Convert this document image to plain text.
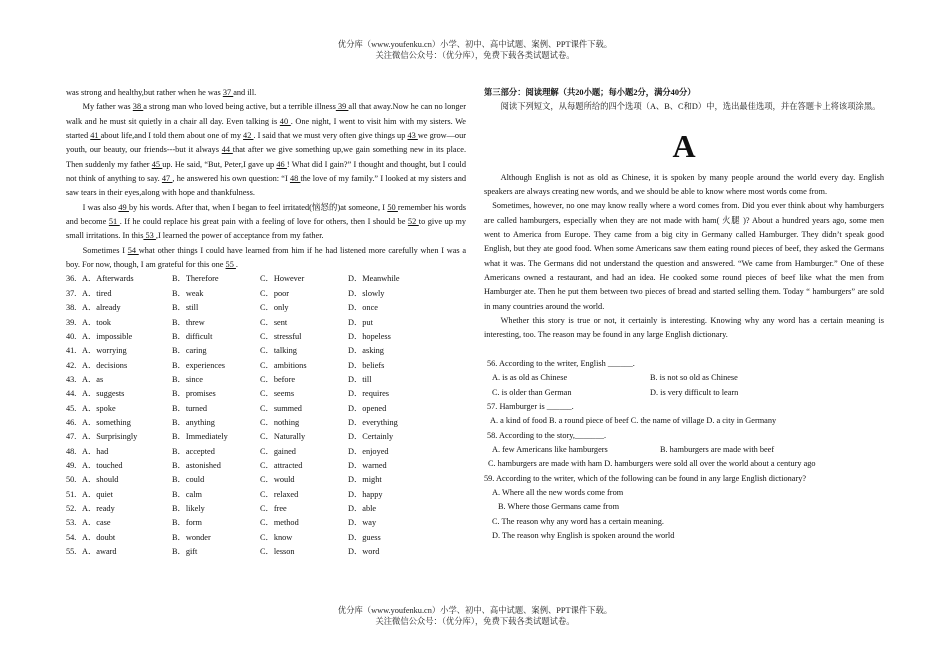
优分库（www.youfenku.cn）小学、初中、高中试题、案例、PPT课件下载。
关注微信公众号：（优分库），免费下载各类试题试卷。

was strong and healthy,but rather when he was 37 and ill.

My father was 38 a strong man who loved being active, but a terrible illness 39 all that away.Now he can no longer walk and he must sit quietly in a chair all day. Even talking is 40 . One night, I went to visit him with my sisters. We started 41 about life,and I told them about one of my 42 . I said that we must very often give things up 43 we grow—our youth, our beauty, our friends---but it always 44 that after we give something up,we gain something new in its place. Then suddenly my father 45 up. He said, “But, Peter,I gave up 46 ! What did I gain?” I thought and thought, but I could not think of anything to say. 47 , he answered his own question: “I 48 the love of my family.” I looked at my sisters and saw tears in their eyes,along with hope and thankfulness.

I was also 49 by his words. After that, when I began to feel irritated(恼怒的)at someone, I 50 remember his words and become 51 . If he could replace his great pain with a feeling of love for others, then I should be 52 to give up my small irritations. In this 53 ,I learned the power of acceptance from my father.

Sometimes I 54 what other things I could have learned from him if he had listened more carefully when I was a boy. For now, though, I am grateful for this one 55 .

36. A．Afterwards	B．Therefore	C．However	D．Meanwhile
37. A．tired	B．weak	C．poor	D．slowly
38. A．already	B．still	C．only	D．once
39. A．took	B．threw	C．sent	D．put
40. A．impossible	B．difficult	C．stressful	D．hopeless
41. A．worrying	B．caring	C．talking	D．asking
42. A．decisions	B．experiences	C．ambitions	D．beliefs
43. A．as	B．since	C．before	D．till
44. A．suggests	B．promises	C．seems	D．requires
45. A．spoke	B．turned	C．summed	D．opened
46. A．something	B．anything	C．nothing	D．everything
47. A．Surprisingly	B．Immediately	C．Naturally	D．Certainly
48. A．had	B．accepted	C．gained	D．enjoyed
49. A．touched	B．astonished	C．attracted	D．warned
50. A．should	B．could	C．would	D．might
51. A．quiet	B．calm	C．relaxed	D．happy
52. A．ready	B．likely	C．free	D．able
53. A．case	B．form	C．method	D．way
54. A．doubt	B．wonder	C．know	D．guess
55. A．award	B．gift	C．lesson	D．word

第三部分：阅读理解（共20小题；每小题2分，满分40分）

阅读下列短文，从每题所给的四个选项（A、B、C和D）中，选出最佳选项，并在答题卡上将该项涂黑。

A

Although English is not as old as Chinese, it is spoken by many people around the world every day. English speakers are always creating new words, and we should be able to know where most words come from.

Sometimes, however, no one may know really where a word comes from. Did you ever think about why hamburgers are called hamburgers, especially when they are not made with ham( 火腿 )? About a hundred years ago, some men went to America from Europe. They came from a big city in Germany called Hamburger. They didn’t speak good English, but they ate good food. When some Americans saw them eating round pieces of beef, they asked the Germans what it was. The Germans did not understand the question and answered. “We came from Hamburger.” One of these Americans owned a restaurant, and had an idea. He cooked some round pieces of beef like what the men from Hamburger ate. Then he put them between two pieces of bread and started selling them. Today “ hamburgers” are sold in many countries around the world.

Whether this story is true or not, it certainly is interesting. Knowing why any word has a certain meaning is interesting, too. The reason may be found in any large English dictionary.

56. According to the writer, English ______.
A. is as old as Chinese	B. is not so old as Chinese
C. is older than German	D. is very difficult to learn
57. Hamburger is ______.
A. a kind of food B. a round piece of beef C. the name of village D. a city in Germany
58. According to the story,_______.
A. few Americans like hamburgers	B. hamburgers are made with beef
C. hamburgers are made with ham D. hamburgers were sold all over the world about a century ago
59. According to the writer, which of the following can be found in any large English dictionary?
A. Where all the new words come from
B. Where those Germans came from
C. The reason why any word has a certain meaning.
D. The reason why English is spoken around the world
优分库（www.youfenku.cn）小学、初中、高中试题、案例、PPT课件下载。
关注微信公众号：（优分库），免费下载各类试题试卷。
